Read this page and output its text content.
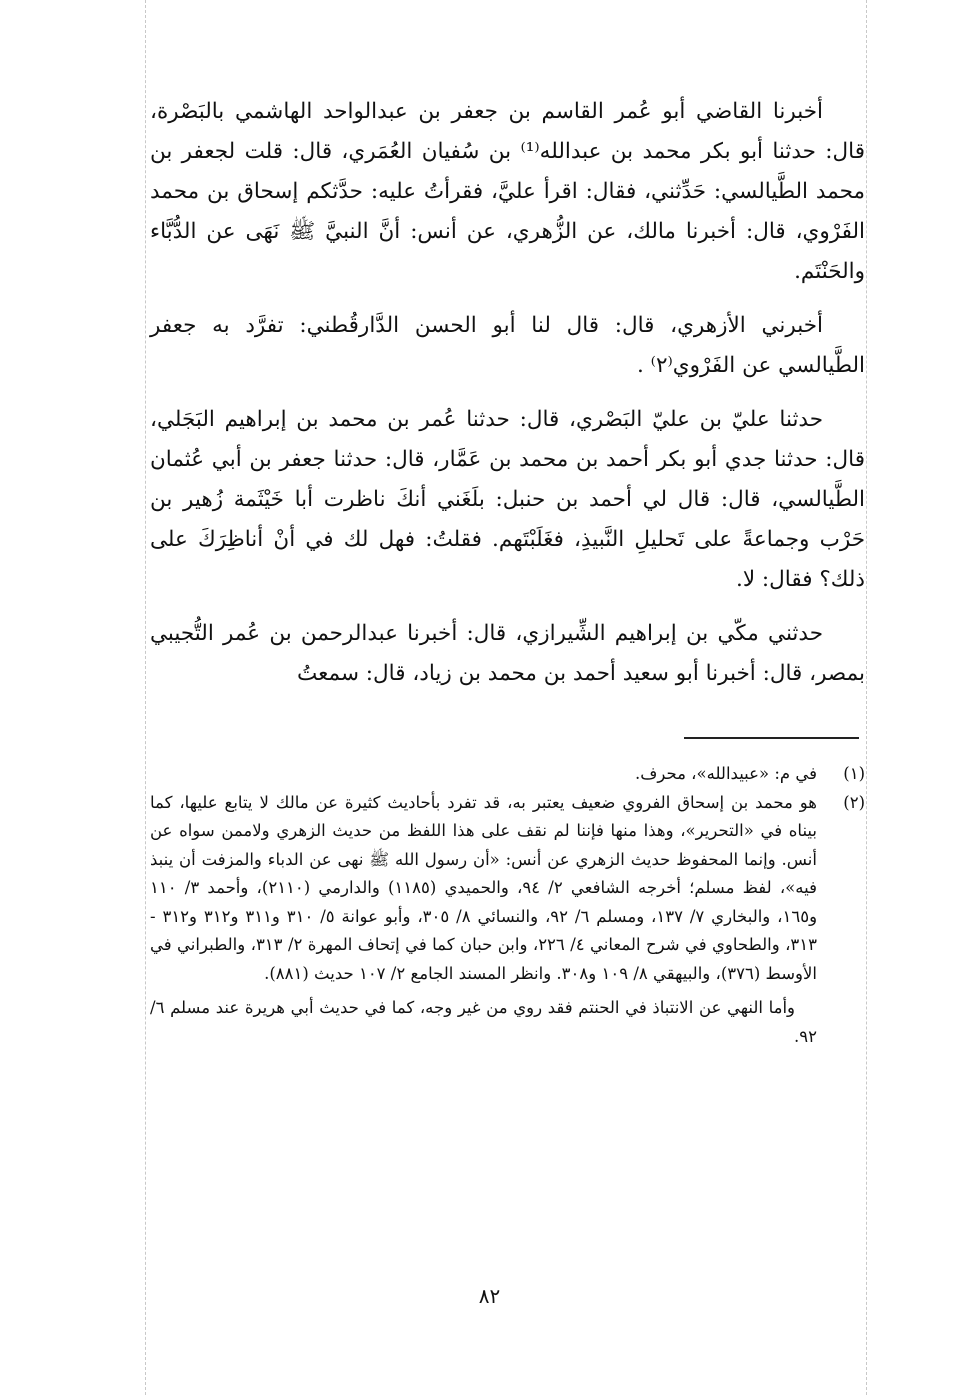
أخبرنا القاضي أبو عُمر القاسم بن جعفر بن عبدالواحد الهاشمي بالبَصْرة، قال: حدثنا أبو بكر محمد بن عبدالله⁽¹⁾ بن سُفيان العُمَري، قال: قلت لجعفر بن محمد الطَّيالسي: حَدِّثني، فقال: اقرأ عليَّ، فقرأتُ عليه: حدَّثكم إسحاق بن محمد الفَرْوي، قال: أخبرنا مالك، عن الزُّهري، عن أنس: أنَّ النبيَّ ﷺ نَهَى عن الدُّبَّاء والحَنْتَم.

أخبرني الأزهري، قال: قال لنا أبو الحسن الدَّارقُطني: تفرَّد به جعفر الطَّيالسي عن الفَرْوي⁽٢⁾ .

حدثنا عليّ بن عليّ البَصْري، قال: حدثنا عُمر بن محمد بن إبراهيم البَجَلي، قال: حدثنا جدي أبو بكر أحمد بن محمد بن عَمَّار، قال: حدثنا جعفر بن أبي عُثمان الطَّيالسي، قال: قال لي أحمد بن حنبل: بلَغَني أنكَ ناظرت أبا خَيْثَمة زُهير بن حَرْب وجماعةً على تَحليلِ النَّبيذِ، فغَلَبْتَهم. فقلتُ: فهل لك في أنْ أناظِرَكَ على ذلك؟ فقال: لا.

حدثني مكّي بن إبراهيم الشِّيرازي، قال: أخبرنا عبدالرحمن بن عُمر التُّجيبي بمصر، قال: أخبرنا أبو سعيد أحمد بن محمد بن زياد، قال: سمعتُ

(١)
في م: «عبيدالله»، محرف.
(٢)
هو محمد بن إسحاق الفروي ضعيف يعتبر به، قد تفرد بأحاديث كثيرة عن مالك لا يتابع عليها، كما بيناه في «التحرير»، وهذا منها فإننا لم نقف على هذا اللفظ من حديث الزهري ولاممن سواه عن أنس. وإنما المحفوظ حديث الزهري عن أنس: «أن رسول الله ﷺ نهى عن الدباء والمزفت أن ينبذ فيه»، لفظ مسلم؛ أخرجه الشافعي ٢/ ٩٤، والحميدي (١١٨٥) والدارمي (٢١١٠)، وأحمد ٣/ ١١٠ و١٦٥، والبخاري ٧/ ١٣٧، ومسلم ٦/ ٩٢، والنسائي ٨/ ٣٠٥، وأبو عوانة ٥/ ٣١٠ و٣١١ و٣١٢ و٣١٢ - ٣١٣، والطحاوي في شرح المعاني ٤/ ٢٢٦، وابن حبان كما في إتحاف المهرة ٢/ ٣١٣، والطبراني في الأوسط (٣٧٦)، والبيهقي ٨/ ١٠٩ و٣٠٨. وانظر المسند الجامع ٢/ ١٠٧ حديث (٨٨١).

وأما النهي عن الانتباذ في الحنتم فقد روي من غير وجه، كما في حديث أبي هريرة عند مسلم ٦/ ٩٢.

٨٢
